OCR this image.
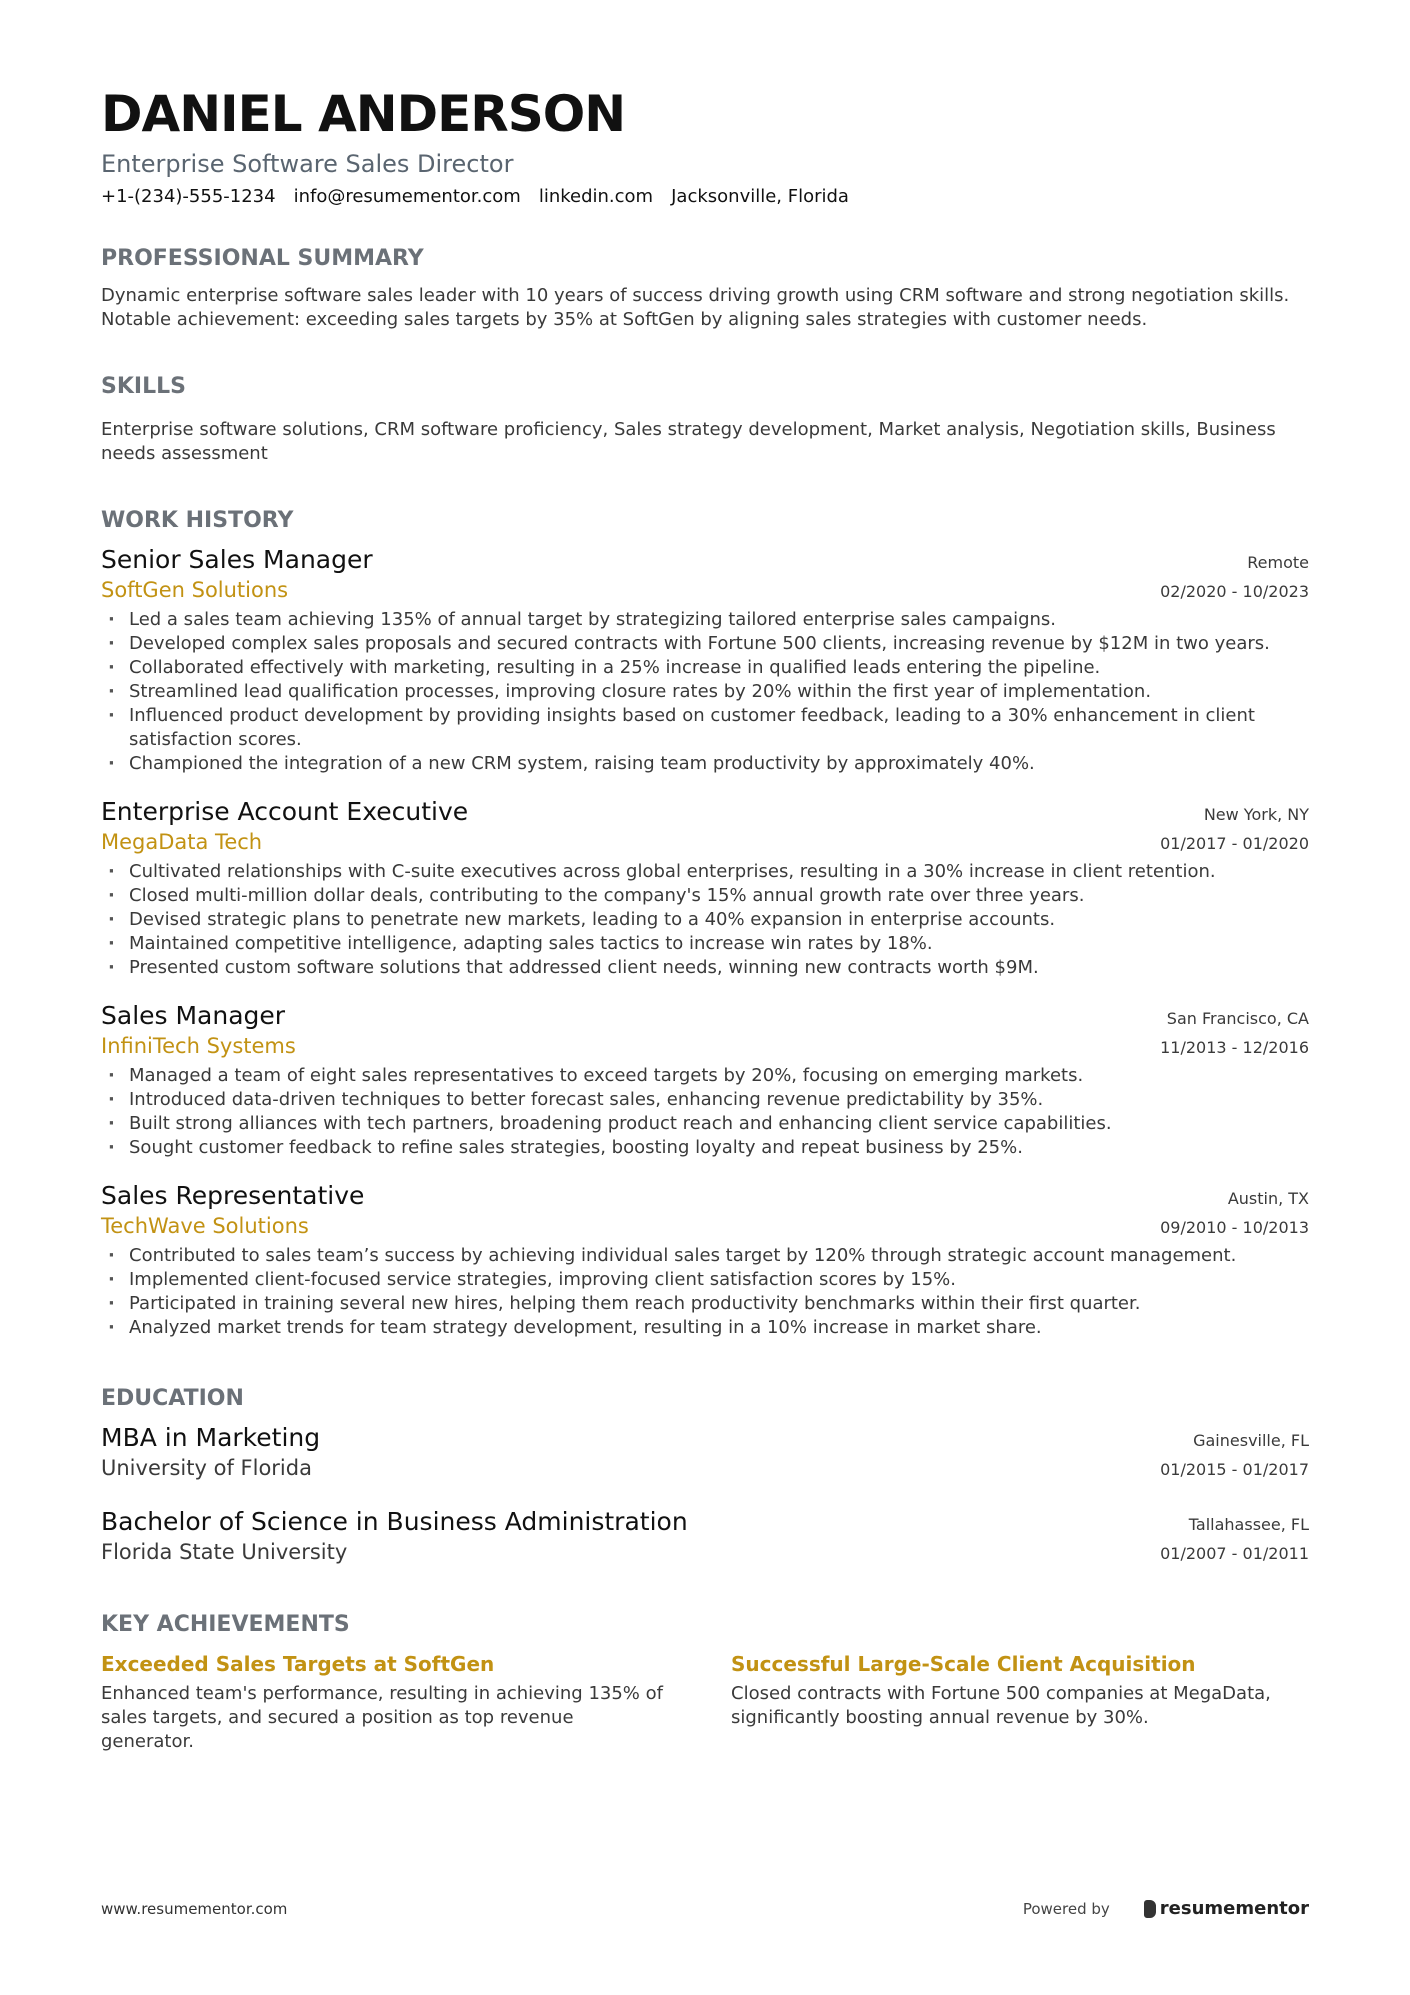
DANIEL ANDERSON
Enterprise Software Sales Director
+1-(234)-555-1234 info@resumementor.com linkedin.com Jacksonville, Florida
PROFESSIONAL SUMMARY

Dynamic enterprise software sales leader with 10 years of success driving growth using CRM software and strong negotiation skills. Notable achievement: exceeding sales targets by 35% at SoftGen by aligning sales strategies with customer needs.

SKILLS

Enterprise software solutions, CRM software proficiency, Sales strategy development, Market analysis, Negotiation skills, Business needs assessment

WORK HISTORY
Senior Sales Manager	Remote
SoftGen Solutions	02/2020 - 10/2023
· Led a sales team achieving 135% of annual target by strategizing tailored enterprise sales campaigns.
· Developed complex sales proposals and secured contracts with Fortune 500 clients, increasing revenue by $12M in two years.
· Collaborated effectively with marketing, resulting in a 25% increase in qualified leads entering the pipeline.
· Streamlined lead qualification processes, improving closure rates by 20% within the first year of implementation.
· Influenced product development by providing insights based on customer feedback, leading to a 30% enhancement in client satisfaction scores.
· Championed the integration of a new CRM system, raising team productivity by approximately 40%.
Enterprise Account Executive	New York, NY
MegaData Tech	01/2017 - 01/2020
· Cultivated relationships with C-suite executives across global enterprises, resulting in a 30% increase in client retention.
· Closed multi-million dollar deals, contributing to the company's 15% annual growth rate over three years.
· Devised strategic plans to penetrate new markets, leading to a 40% expansion in enterprise accounts.
· Maintained competitive intelligence, adapting sales tactics to increase win rates by 18%.
· Presented custom software solutions that addressed client needs, winning new contracts worth $9M.
Sales Manager	San Francisco, CA
InfiniTech Systems	11/2013 - 12/2016
· Managed a team of eight sales representatives to exceed targets by 20%, focusing on emerging markets.
· Introduced data-driven techniques to better forecast sales, enhancing revenue predictability by 35%.
· Built strong alliances with tech partners, broadening product reach and enhancing client service capabilities.
· Sought customer feedback to refine sales strategies, boosting loyalty and repeat business by 25%.
Sales Representative	Austin, TX
TechWave Solutions	09/2010 - 10/2013
· Contributed to sales team’s success by achieving individual sales target by 120% through strategic account management.
· Implemented client-focused service strategies, improving client satisfaction scores by 15%.
· Participated in training several new hires, helping them reach productivity benchmarks within their first quarter.
· Analyzed market trends for team strategy development, resulting in a 10% increase in market share.
EDUCATION
MBA in Marketing	Gainesville, FL
University of Florida	01/2015 - 01/2017
Bachelor of Science in Business Administration	Tallahassee, FL
Florida State University	01/2007 - 01/2011
KEY ACHIEVEMENTS
Exceeded Sales Targets at SoftGen

Enhanced team's performance, resulting in achieving 135% of sales targets, and secured a position as top revenue generator.

Successful Large-Scale Client Acquisition

Closed contracts with Fortune 500 companies at MegaData, significantly boosting annual revenue by 30%.

www.resumementor.com	Powered by	resumementor
